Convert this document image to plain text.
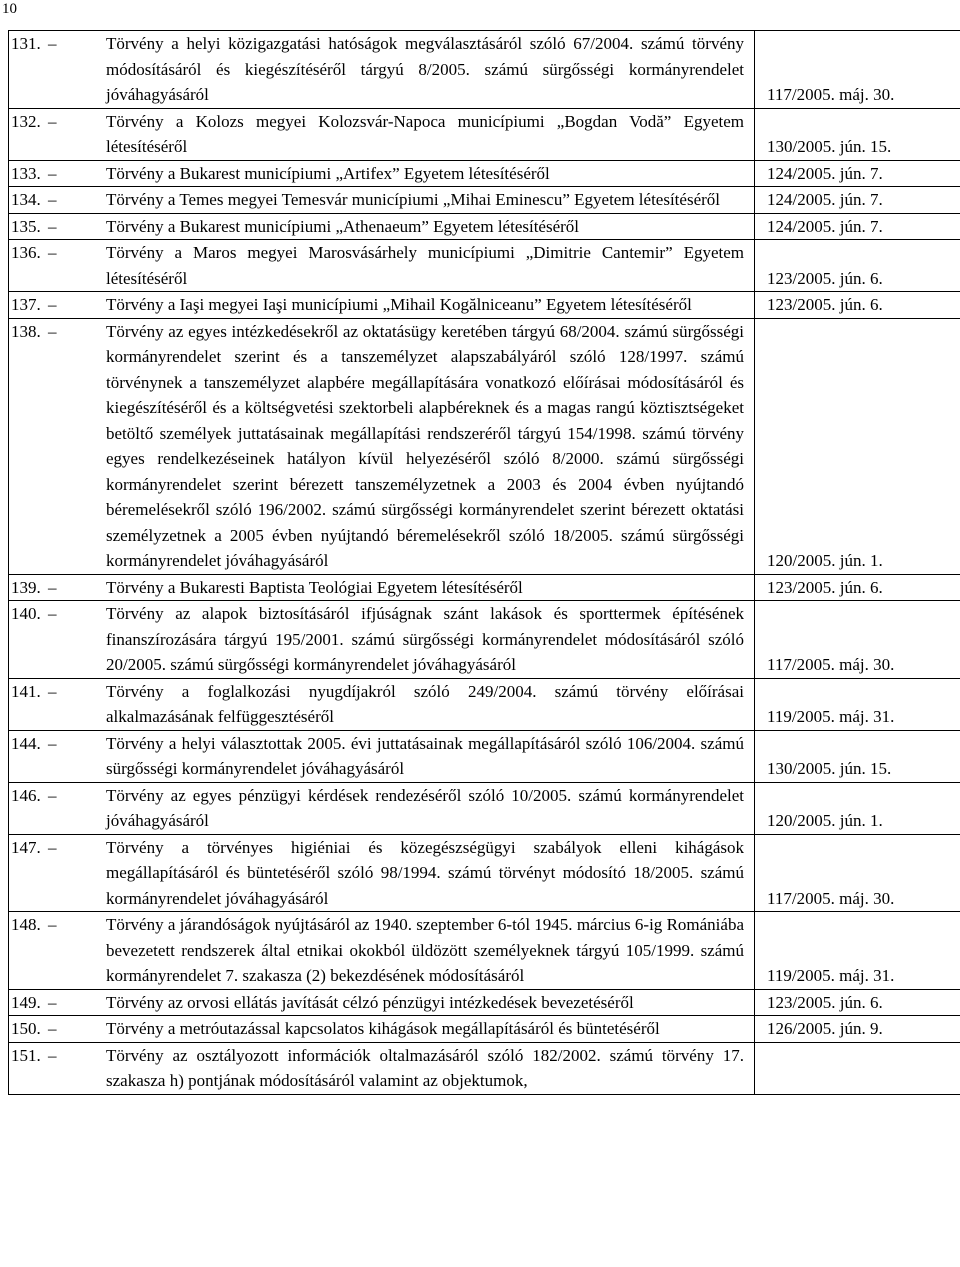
10
131. – Törvény a helyi közigazgatási hatóságok megválasztásáról szóló 67/2004. számú törvény módosításáról és kiegészítéséről tárgyú 8/2005. számú sürgősségi kormányrendelet jóváhagyásáról	117/2005. máj. 30.

132. – Törvény a Kolozs megyei Kolozsvár-Napoca municípiumi „Bogdan Vodă” Egyetem létesítéséről	130/2005. jún. 15.

133. – Törvény a Bukarest municípiumi „Artifex” Egyetem létesítéséről	124/2005. jún. 7.

134. – Törvény a Temes megyei Temesvár municípiumi „Mihai Eminescu” Egyetem létesítéséről	124/2005. jún. 7.

135. – Törvény a Bukarest municípiumi „Athenaeum” Egyetem létesítéséről	124/2005. jún. 7.

136. – Törvény a Maros megyei Marosvásárhely municípiumi „Dimitrie Cantemir” Egyetem létesítéséről	123/2005. jún. 6.

137. – Törvény a Iaşi megyei Iaşi municípiumi „Mihail Kogălniceanu” Egyetem létesítéséről	123/2005. jún. 6.

138. – Törvény az egyes intézkedésekről az oktatásügy keretében tárgyú 68/2004. számú sürgősségi kormányrendelet szerint és a tanszemélyzet alapszabályáról szóló 128/1997. számú törvénynek a tanszemélyzet alapbére megállapítására vonatkozó előírásai módosításáról és kiegészítéséről és a költségvetési szektorbeli alapbéreknek és a magas rangú köztisztségeket betöltő személyek juttatásainak megállapítási rendszeréről tárgyú 154/1998. számú törvény egyes rendelkezéseinek hatályon kívül helyezéséről szóló 8/2000. számú sürgősségi kormányrendelet szerint bérezett tanszemélyzetnek a 2003 és 2004 évben nyújtandó béremelésekről szóló 196/2002. számú sürgősségi kormányrendelet szerint bérezett oktatási személyzetnek a 2005 évben nyújtandó béremelésekről szóló 18/2005. számú sürgősségi kormányrendelet jóváhagyásáról	120/2005. jún. 1.

139. – Törvény a Bukaresti Baptista Teológiai Egyetem létesítéséről	123/2005. jún. 6.

140. – Törvény az alapok biztosításáról ifjúságnak szánt lakások és sporttermek építésének finanszírozására tárgyú 195/2001. számú sürgősségi kormányrendelet módosításáról szóló 20/2005. számú sürgősségi kormányrendelet jóváhagyásáról	117/2005. máj. 30.

141. – Törvény a foglalkozási nyugdíjakról szóló 249/2004. számú törvény előírásai alkalmazásának felfüggesztéséről	119/2005. máj. 31.

144. – Törvény a helyi választottak 2005. évi juttatásainak megállapításáról szóló 106/2004. számú sürgősségi kormányrendelet jóváhagyásáról	130/2005. jún. 15.

146. – Törvény az egyes pénzügyi kérdések rendezéséről szóló 10/2005. számú kormányrendelet jóváhagyásáról	120/2005. jún. 1.

147. – Törvény a törvényes higiéniai és közegészségügyi szabályok elleni kihágások megállapításáról és büntetéséről szóló 98/1994. számú törvényt módosító 18/2005. számú kormányrendelet jóváhagyásáról	117/2005. máj. 30.

148. – Törvény a járandóságok nyújtásáról az 1940. szeptember 6-tól 1945. március 6-ig Romániába bevezetett rendszerek által etnikai okokból üldözött személyeknek tárgyú 105/1999. számú kormányrendelet 7. szakasza (2) bekezdésének módosításáról	119/2005. máj. 31.

149. – Törvény az orvosi ellátás javítását célzó pénzügyi intézkedések bevezetéséről	123/2005. jún. 6.

150. – Törvény a metróutazással kapcsolatos kihágások megállapításáról és büntetéséről	126/2005. jún. 9.

151. – Törvény az osztályozott információk oltalmazásáról szóló 182/2002. számú törvény 17. szakasza h) pontjának módosításáról valamint az objektumok,	
